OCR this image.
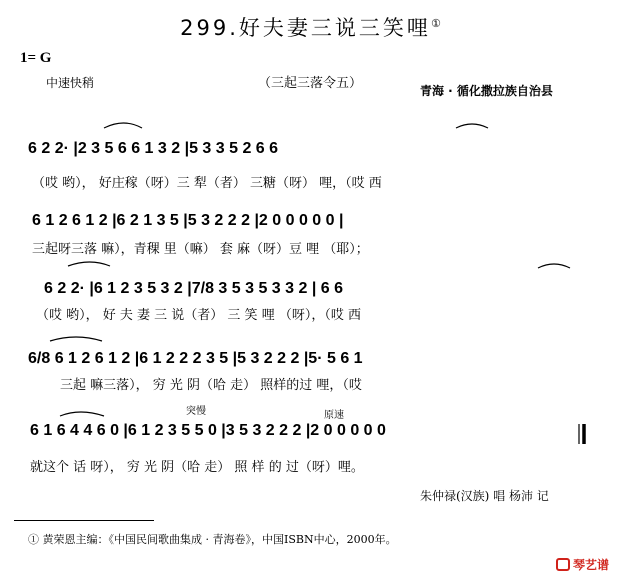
299.好夫妻三说三笑哩①
1= G
中速快稍	（三起三落令五）	青海 · 循化撒拉族自治县
6 2 2· |2 3 5 6 6 1 3 2 |5 3 3 5 2 6 6
（哎 哟）， 好庄稼（呀）三 犁（者） 三糖（呀） 哩，（哎 西
6 1 2 6 1 2 |6 2 1 3 5 |5 3 2 2 2 |2 0 0 0 0 0 |
三起呀三落 嘛），青稞 里（嘛） 套 麻（呀）豆 哩 （耶）；
6 2 2· |6 1 2 3 5 3 2 |7/8 3 5 3 5 3 3 2 | 6 6
（哎 哟）， 好 夫 妻 三 说（者） 三 笑 哩 （呀），（哎 西
6/8 6 1 2 6 1 2 |6 1 2 2 2 3 5 |5 3 2 2 2 |5· 5 6 1
三起 嘛三落）， 穷 光 阴（哈 走） 照样的过 哩，（哎
突慢	原速
6 1 6 4 4 6 0 |6 1 2 3 5 5 0 |3 5 3 2 2 2 |2 0 0 0 0 0
就这个 话 呀）， 穷 光 阴（哈 走） 照 样 的 过（呀）哩。
朱仲禄(汉族) 唱 杨沛 记
① 黄荣恩主编：《中国民间歌曲集成 · 青海卷》，中国ISBN中心，2000年。
琴艺谱
